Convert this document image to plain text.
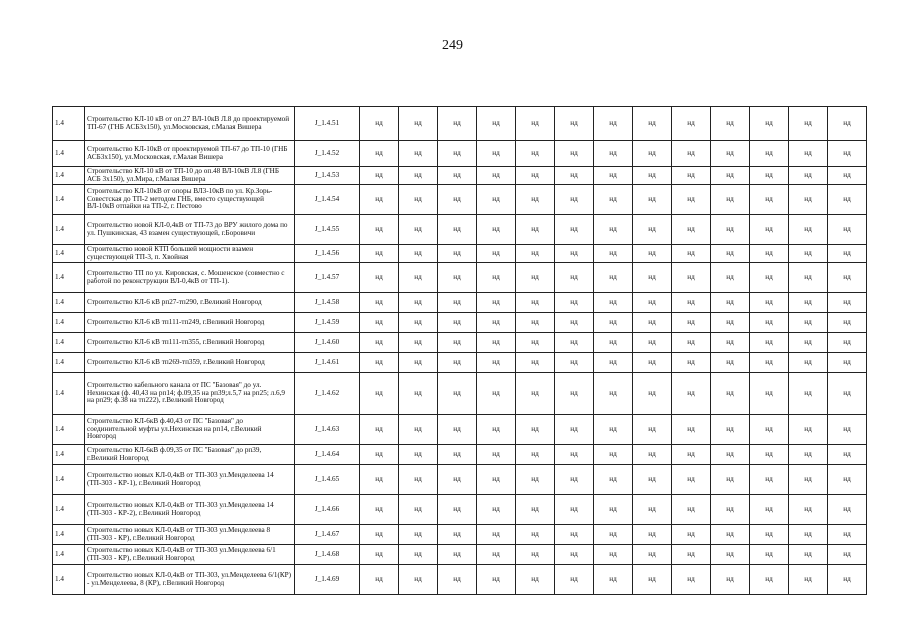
249
1.4	Строительство КЛ-10 кВ от оп.27 ВЛ-10кВ Л.8 до проектируемой ТП-67 (ГНБ АСБ3х150), ул.Московская, г.Малая Вишера	J_1.4.51	нд	нд	нд	нд	нд	нд	нд	нд	нд	нд	нд	нд	нд
1.4	Строительство КЛ-10кВ от проектируемой ТП-67 до ТП-10 (ГНБ АСБ3х150), ул.Московская, г.Малая Вишера	J_1.4.52	нд	нд	нд	нд	нд	нд	нд	нд	нд	нд	нд	нд	нд
1.4	Строительство КЛ-10 кВ от ТП-10 до оп.48 ВЛ-10кВ Л.8 (ГНБ АСБ 3х150), ул.Мира, г.Малая Вишера	J_1.4.53	нд	нд	нд	нд	нд	нд	нд	нд	нд	нд	нд	нд	нд
1.4	Строительство КЛ-10кВ от опоры ВЛ3-10кВ по ул. Кр.Зорь-Совестская до ТП-2 методом ГНБ, вместо существующей ВЛ-10кВ отпайки на ТП-2, г. Пестово	J_1.4.54	нд	нд	нд	нд	нд	нд	нд	нд	нд	нд	нд	нд	нд
1.4	Строительство новой КЛ-0,4кВ от ТП-73 до ВРУ жилого дома по ул. Пушкинская, 43 взамен существующей, г.Боровичи	J_1.4.55	нд	нд	нд	нд	нд	нд	нд	нд	нд	нд	нд	нд	нд
1.4	Строительство новой КТП большей мощности взамен существующей ТП-3, п. Хвойная	J_1.4.56	нд	нд	нд	нд	нд	нд	нд	нд	нд	нд	нд	нд	нд
1.4	Строительство ТП по ул. Кировская, с. Мошенское (совместно с работой по реконструкции ВЛ-0,4кВ от ТП-1).	J_1.4.57	нд	нд	нд	нд	нд	нд	нд	нд	нд	нд	нд	нд	нд
1.4	Строительство КЛ-6 кВ рп27-тп290, г.Великий Новгород	J_1.4.58	нд	нд	нд	нд	нд	нд	нд	нд	нд	нд	нд	нд	нд
1.4	Строительство КЛ-6 кВ тп111-тп249, г.Великий Новгород	J_1.4.59	нд	нд	нд	нд	нд	нд	нд	нд	нд	нд	нд	нд	нд
1.4	Строительство КЛ-6 кВ тп111-тп355, г.Великий Новгород	J_1.4.60	нд	нд	нд	нд	нд	нд	нд	нд	нд	нд	нд	нд	нд
1.4	Строительство КЛ-6 кВ тп269-тп359, г.Великий Новгород	J_1.4.61	нд	нд	нд	нд	нд	нд	нд	нд	нд	нд	нд	нд	нд
1.4	Строительство кабельного канала от ПС "Базовая" до ул. Нехинская (ф. 40,43 на рп14; ф.09,35 на рп39;л.5,7 на рп25; л.6,9 на рп29; ф.38 на тп222), г.Великий Новгород	J_1.4.62	нд	нд	нд	нд	нд	нд	нд	нд	нд	нд	нд	нд	нд
1.4	Строительство КЛ-6кВ ф.40,43 от ПС "Базовая" до соединительной муфты ул.Нехинская на рп14, г.Великий Новгород	J_1.4.63	нд	нд	нд	нд	нд	нд	нд	нд	нд	нд	нд	нд	нд
1.4	Строительство КЛ-6кВ ф.09,35 от ПС "Базовая" до рп39, г.Великий Новгород	J_1.4.64	нд	нд	нд	нд	нд	нд	нд	нд	нд	нд	нд	нд	нд
1.4	Строительство новых КЛ-0,4кВ от ТП-303 ул.Менделеева 14 (ТП-303 - КР-1), г.Великий Новгород	J_1.4.65	нд	нд	нд	нд	нд	нд	нд	нд	нд	нд	нд	нд	нд
1.4	Строительство новых КЛ-0,4кВ от ТП-303 ул.Менделеева 14 (ТП-303 - КР-2), г.Великий Новгород	J_1.4.66	нд	нд	нд	нд	нд	нд	нд	нд	нд	нд	нд	нд	нд
1.4	Строительство новых КЛ-0,4кВ от ТП-303 ул.Менделеева 8 (ТП-303 - КР), г.Великий Новгород	J_1.4.67	нд	нд	нд	нд	нд	нд	нд	нд	нд	нд	нд	нд	нд
1.4	Строительство новых КЛ-0,4кВ от ТП-303 ул.Менделеева 6/1 (ТП-303 - КР), г.Великий Новгород	J_1.4.68	нд	нд	нд	нд	нд	нд	нд	нд	нд	нд	нд	нд	нд
1.4	Строительство новых КЛ-0,4кВ от ТП-303, ул.Менделеева 6/1(КР) - ул.Менделеева, 8 (КР), г.Великий Новгород	J_1.4.69	нд	нд	нд	нд	нд	нд	нд	нд	нд	нд	нд	нд	нд
